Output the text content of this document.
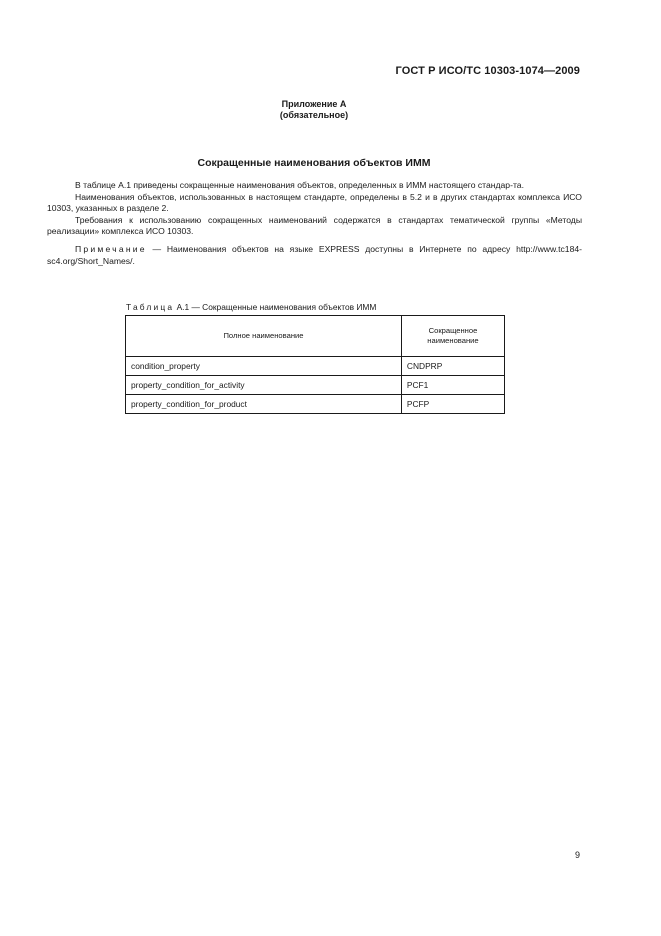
ГОСТ Р ИСО/ТС 10303-1074—2009
Приложение А
(обязательное)
Сокращенные наименования объектов ИММ

В таблице А.1 приведены сокращенные наименования объектов, определенных в ИММ настоящего стандар-та.

Наименования объектов, использованных в настоящем стандарте, определены в 5.2 и в других стандартах комплекса ИСО 10303, указанных в разделе 2.

Требования к использованию сокращенных наименований содержатся в стандартах тематической группы «Методы реализации» комплекса ИСО 10303.

Примечание — Наименования объектов на языке EXPRESS доступны в Интернете по адресу http://www.tc184-sc4.org/Short_Names/.

Таблица А.1 — Сокращенные наименования объектов ИММ
Полное наименование	Сокращенное наименование
condition_property	CNDPRP
property_condition_for_activity	PCF1
property_condition_for_product	PCFP
9
